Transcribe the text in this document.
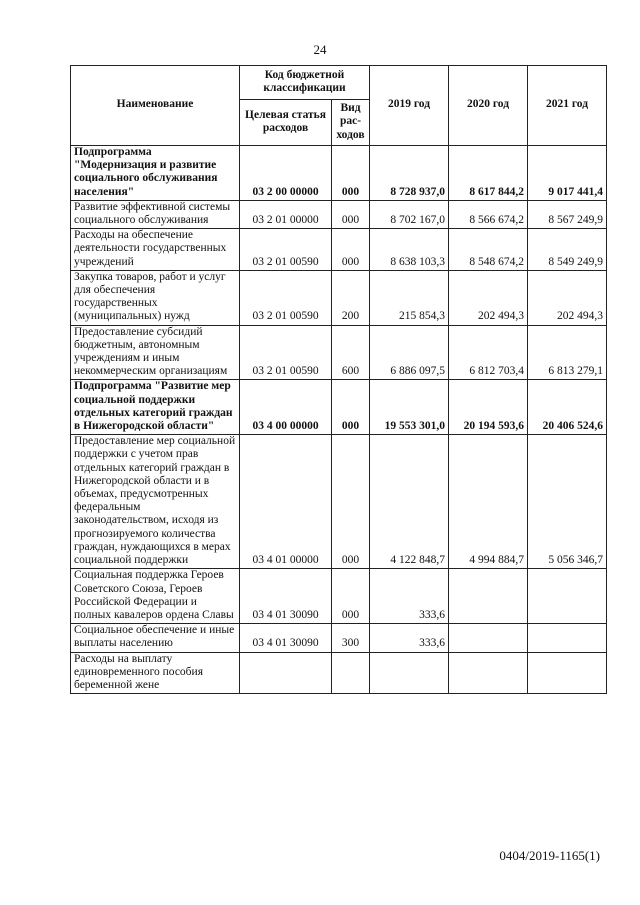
24
Наименование	Код бюджетной классификации		2019 год	2020 год	2021 год
	Целевая статья расходов	Вид рас-ходов			
Подпрограмма "Модернизация и развитие социального обслуживания населения"	03 2 00 00000	000	8 728 937,0	8 617 844,2	9 017 441,4
Развитие эффективной системы социального обслуживания	03 2 01 00000	000	8 702 167,0	8 566 674,2	8 567 249,9
Расходы на обеспечение деятельности государственных учреждений	03 2 01 00590	000	8 638 103,3	8 548 674,2	8 549 249,9
Закупка товаров, работ и услуг для обеспечения государственных (муниципальных) нужд	03 2 01 00590	200	215 854,3	202 494,3	202 494,3
Предоставление субсидий бюджетным, автономным учреждениям и иным некоммерческим организациям	03 2 01 00590	600	6 886 097,5	6 812 703,4	6 813 279,1
Подпрограмма "Развитие мер социальной поддержки отдельных категорий граждан в Нижегородской области"	03 4 00 00000	000	19 553 301,0	20 194 593,6	20 406 524,6
Предоставление мер социальной поддержки с учетом прав отдельных категорий граждан в Нижегородской области и в объемах, предусмотренных федеральным законодательством, исходя из прогнозируемого количества граждан, нуждающихся в мерах социальной поддержки	03 4 01 00000	000	4 122 848,7	4 994 884,7	5 056 346,7
Социальная поддержка Героев Советского Союза, Героев Российской Федерации и полных кавалеров ордена Славы	03 4 01 30090	000	333,6		
Социальное обеспечение и иные выплаты населению	03 4 01 30090	300	333,6		
Расходы на выплату единовременного пособия беременной жене					
0404/2019-1165(1)
